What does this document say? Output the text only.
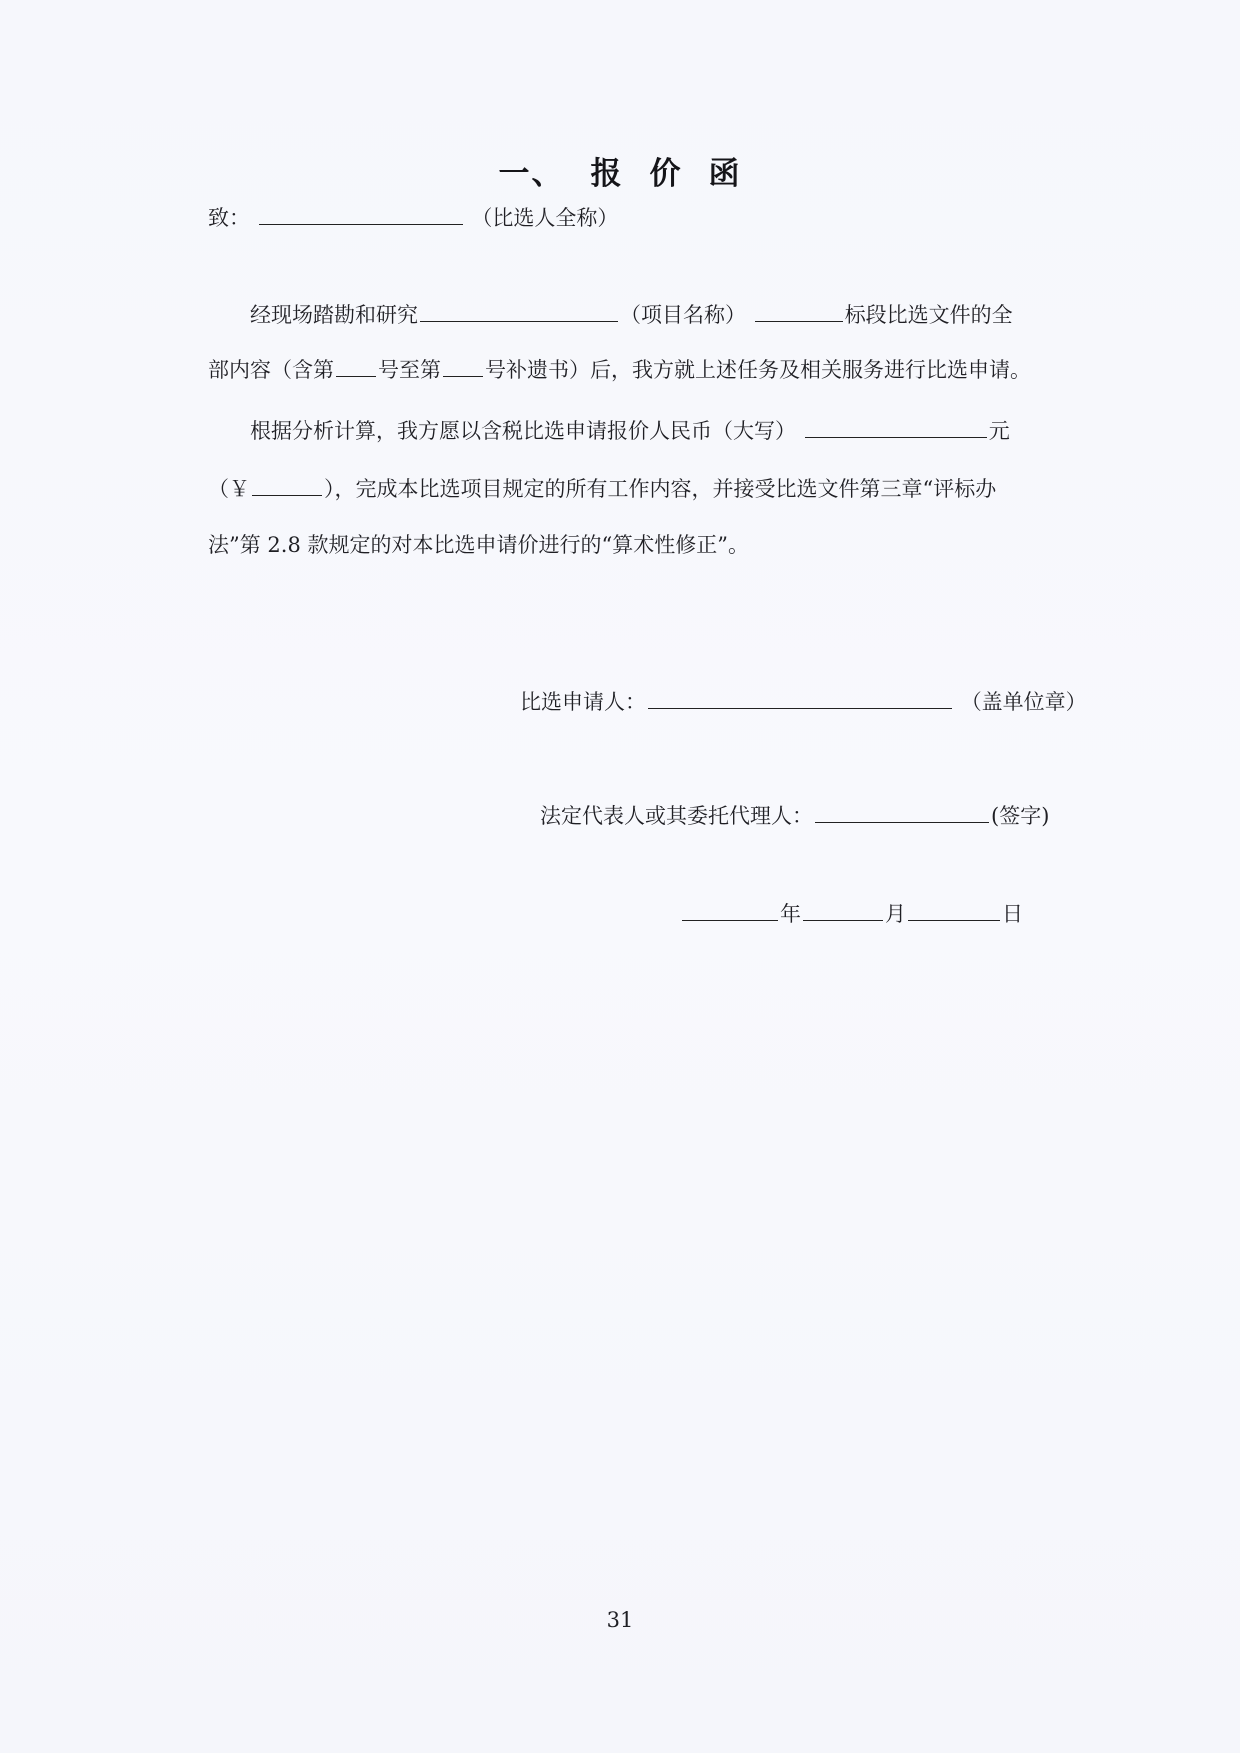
一、 报 价 函
致：	（比选人全称）
经现场踏勘和研究	（项目名称）	标段比选文件的全
部内容（含第 号至第 号补遗书）后，我方就上述任务及相关服务进行比选申请。
根据分析计算，我方愿以含税比选申请报价人民币（大写）	元
（￥	），完成本比选项目规定的所有工作内容，并接受比选文件第三章“评标办
法”第 2.8 款规定的对本比选申请价进行的“算术性修正”。
比选申请人：	（盖单位章）
法定代表人或其委托代理人：	(签字)
年	月	日
31
